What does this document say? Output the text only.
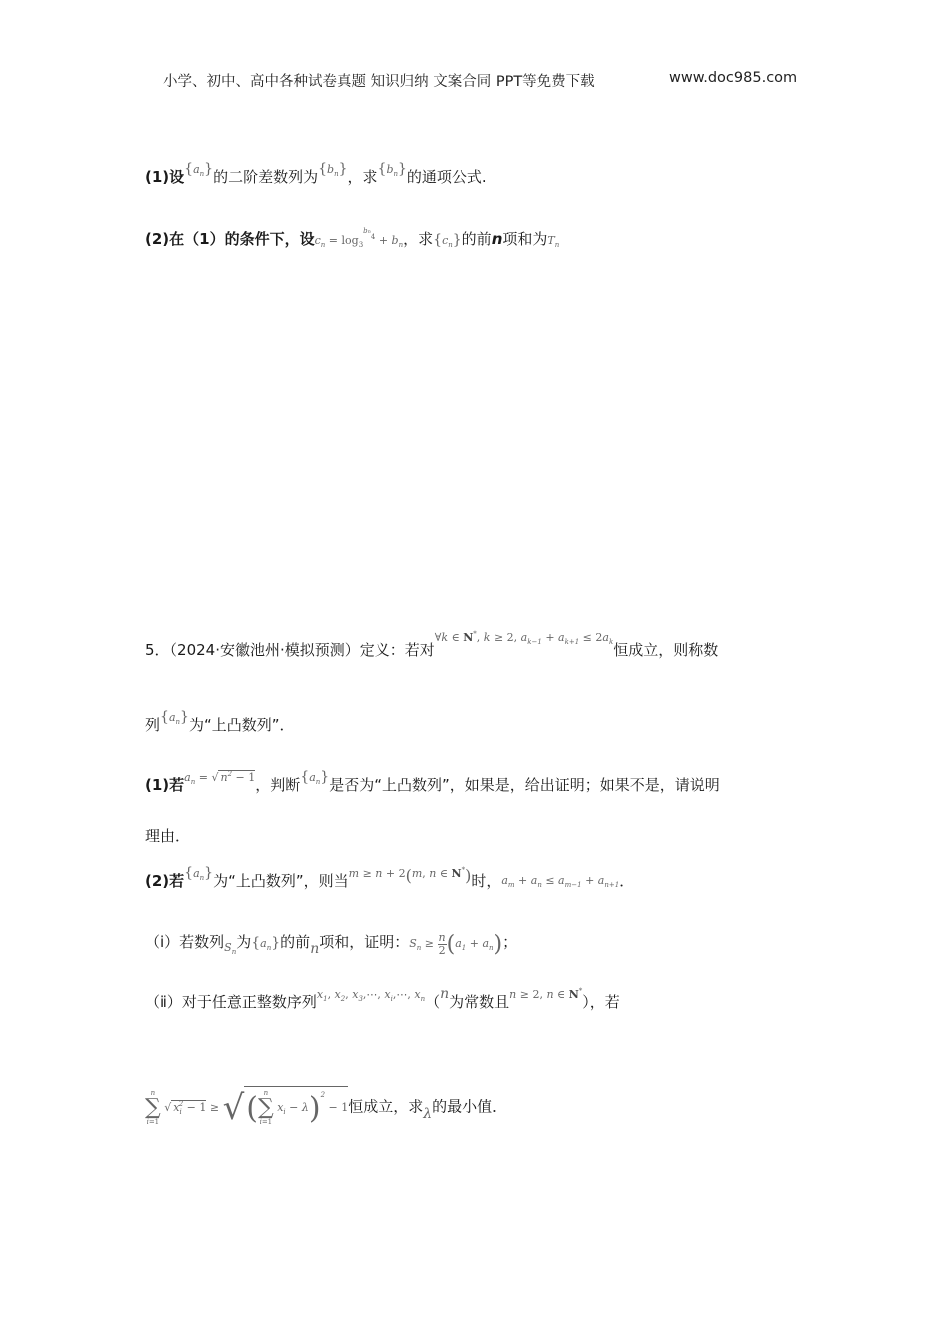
小学、初中、高中各种试卷真题 知识归纳 文案合同 PPT等免费下载	www.doc985.com
(1)设$^{\{a_n\}}$的二阶差数列为$^{\{b_n\}}$，求$^{\{b_n\}}$的通项公式.
(2)在（1）的条件下，设$c_n = \log_3^{bn4} + b_n$，求$\{c_n\}$的前n项和为$T_n$
5．（2024·安徽池州·模拟预测）定义：若对$^{\forall k \in N^*, k \ge 2, a_{k-1} + a_{k+1} \le 2a_k}$恒成立，则称数
列$^{\{a_n\}}$为“上凸数列”．
(1)若$^{a_n = √ n^2 - 1}$，判断$^{\{a_n\}}$是否为“上凸数列”，如果是，给出证明；如果不是，请说明
理由．
(2)若$^{\{a_n\}}$为“上凸数列”，则当$^{m \ge n + 2(m, n \in N^*)}$时，$a_m + a_n \le a_{m-1} + a_{n+1}$．
（ⅰ）若数列$_{S_n}$为$\{a_n\}$的前n项和，证明：$S_n \ge \frac{n}{2} (a_1 + a_n)$；
（ⅱ）对于任意正整数序列$^{x_1, x_2, x_3,\cdots, x_i,\cdots, x_n}$（n为常数且$^{n \ge 2, n \in N^*}$），若
n
∑
i=1
√ $x_i^2 - 1$ ≥ √( n
∑
i=1
$x_i - \lambda)^2 - 1$恒成立，求λ的最小值．
